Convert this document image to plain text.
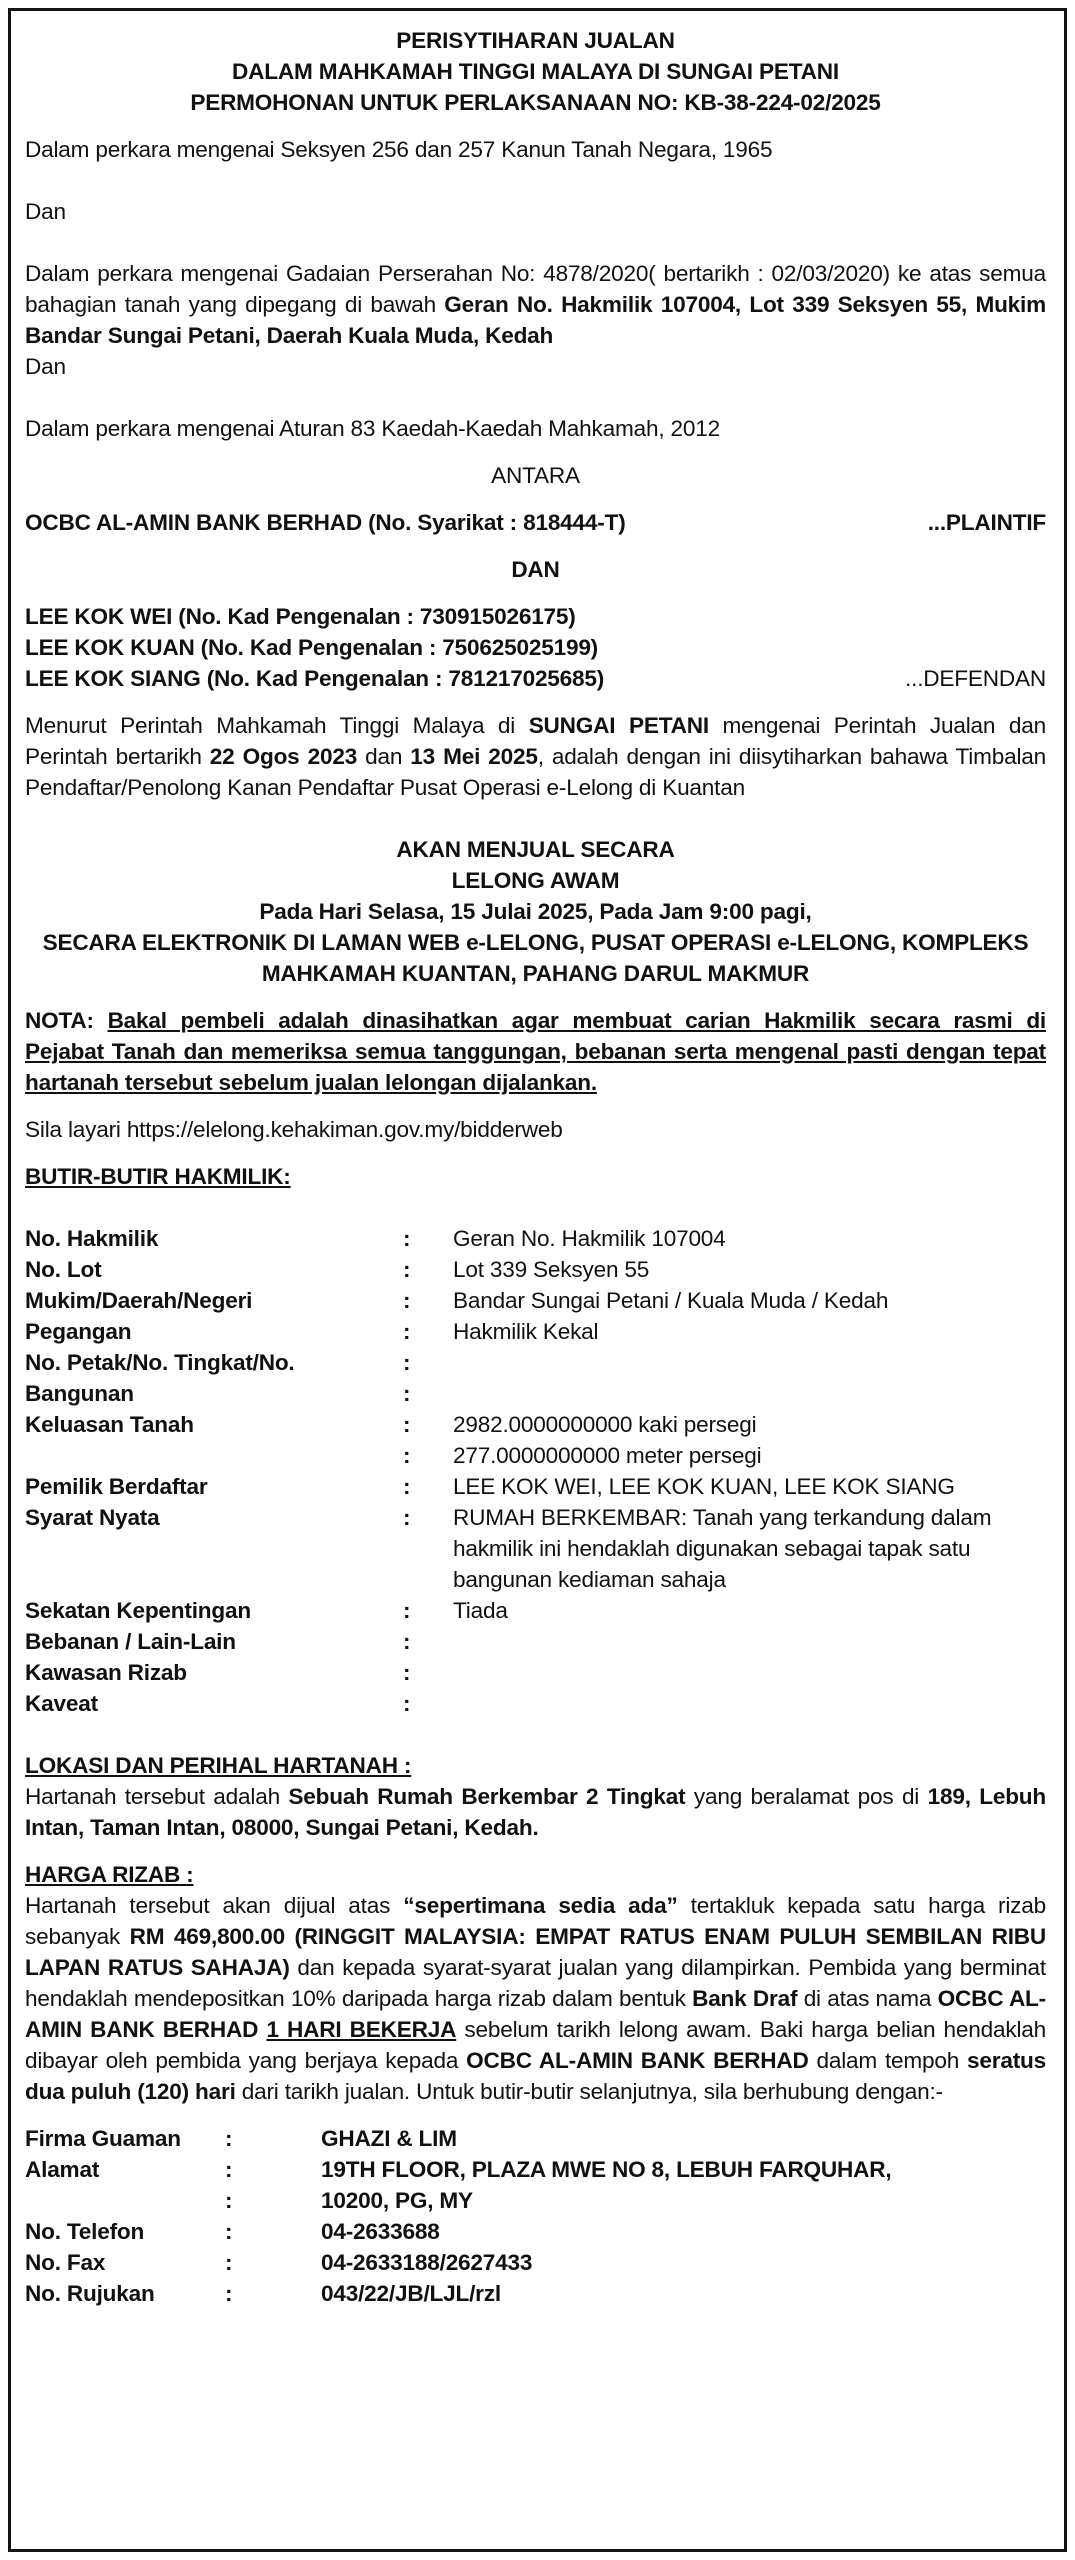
PERISYTIHARAN JUALAN

DALAM MAHKAMAH TINGGI MALAYA DI SUNGAI PETANI

PERMOHONAN UNTUK PERLAKSANAAN NO: KB-38-224-02/2025

Dalam perkara mengenai Seksyen 256 dan 257 Kanun Tanah Negara, 1965

Dan

Dalam perkara mengenai Gadaian Perserahan No: 4878/2020( bertarikh : 02/03/2020) ke atas semua bahagian tanah yang dipegang di bawah Geran No. Hakmilik 107004, Lot 339 Seksyen 55, Mukim Bandar Sungai Petani, Daerah Kuala Muda, Kedah

Dan

Dalam perkara mengenai Aturan 83 Kaedah-Kaedah Mahkamah, 2012

ANTARA

OCBC AL-AMIN BANK BERHAD (No. Syarikat : 818444-T)	...PLAINTIF

DAN

LEE KOK WEI (No. Kad Pengenalan : 730915026175)

LEE KOK KUAN (No. Kad Pengenalan : 750625025199)

LEE KOK SIANG (No. Kad Pengenalan : 781217025685)	...DEFENDAN

Menurut Perintah Mahkamah Tinggi Malaya di SUNGAI PETANI mengenai Perintah Jualan dan Perintah bertarikh 22 Ogos 2023 dan 13 Mei 2025, adalah dengan ini diisytiharkan bahawa Timbalan Pendaftar/Penolong Kanan Pendaftar Pusat Operasi e-Lelong di Kuantan

AKAN MENJUAL SECARA

LELONG AWAM

Pada Hari Selasa, 15 Julai 2025, Pada Jam 9:00 pagi,

SECARA ELEKTRONIK DI LAMAN WEB e-LELONG, PUSAT OPERASI e-LELONG, KOMPLEKS MAHKAMAH KUANTAN, PAHANG DARUL MAKMUR

NOTA: Bakal pembeli adalah dinasihatkan agar membuat carian Hakmilik secara rasmi di Pejabat Tanah dan memeriksa semua tanggungan, bebanan serta mengenal pasti dengan tepat hartanah tersebut sebelum jualan lelongan dijalankan.

Sila layari https://elelong.kehakiman.gov.my/bidderweb

BUTIR-BUTIR HAKMILIK:

No. Hakmilik	:	Geran No. Hakmilik 107004
No. Lot	:	Lot 339 Seksyen 55
Mukim/Daerah/Negeri	:	Bandar Sungai Petani / Kuala Muda / Kedah
Pegangan	:	Hakmilik Kekal
No. Petak/No. Tingkat/No.	:
Bangunan	:
Keluasan Tanah	:	2982.0000000000 kaki persegi
:	277.0000000000 meter persegi
Pemilik Berdaftar	:	LEE KOK WEI, LEE KOK KUAN, LEE KOK SIANG
Syarat Nyata	:	RUMAH BERKEMBAR: Tanah yang terkandung dalam hakmilik ini hendaklah digunakan sebagai tapak satu bangunan kediaman sahaja
Sekatan Kepentingan	:	Tiada
Bebanan / Lain-Lain	:
Kawasan Rizab	:
Kaveat	:

LOKASI DAN PERIHAL HARTANAH :

Hartanah tersebut adalah Sebuah Rumah Berkembar 2 Tingkat yang beralamat pos di 189, Lebuh Intan, Taman Intan, 08000, Sungai Petani, Kedah.

HARGA RIZAB :

Hartanah tersebut akan dijual atas “sepertimana sedia ada” tertakluk kepada satu harga rizab sebanyak RM 469,800.00 (RINGGIT MALAYSIA: EMPAT RATUS ENAM PULUH SEMBILAN RIBU LAPAN RATUS SAHAJA) dan kepada syarat-syarat jualan yang dilampirkan. Pembida yang berminat hendaklah mendepositkan 10% daripada harga rizab dalam bentuk Bank Draf di atas nama OCBC AL-AMIN BANK BERHAD 1 HARI BEKERJA sebelum tarikh lelong awam. Baki harga belian hendaklah dibayar oleh pembida yang berjaya kepada OCBC AL-AMIN BANK BERHAD dalam tempoh seratus dua puluh (120) hari dari tarikh jualan. Untuk butir-butir selanjutnya, sila berhubung dengan:-

Firma Guaman	:	GHAZI & LIM
Alamat	:	19TH FLOOR, PLAZA MWE NO 8, LEBUH FARQUHAR,
:	10200, PG, MY
No. Telefon	:	04-2633688
No. Fax	:	04-2633188/2627433
No. Rujukan	:	043/22/JB/LJL/rzl
